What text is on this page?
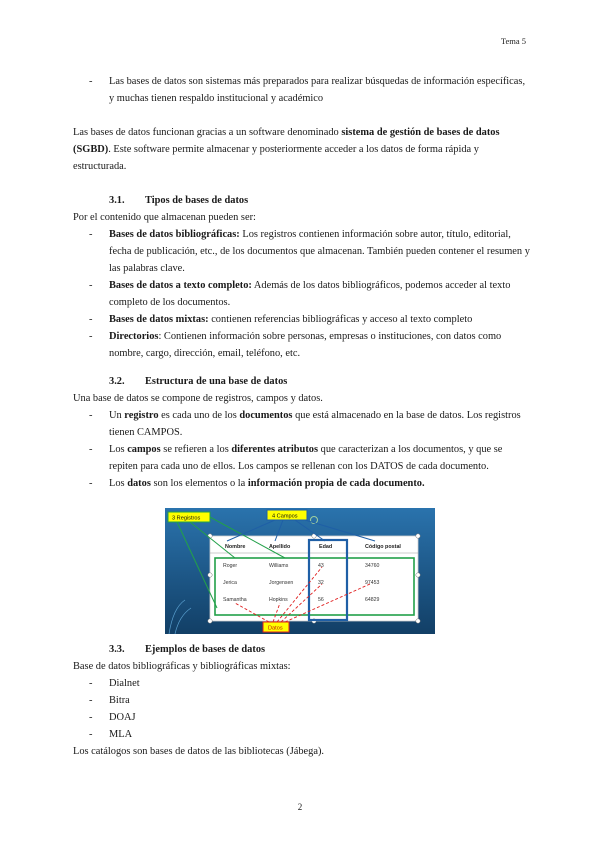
Tema 5
- Las bases de datos son sistemas más preparados para realizar búsquedas de información específicas, y muchas tienen respaldo institucional y académico

Las bases de datos funcionan gracias a un software denominado sistema de gestión de bases de datos (SGBD). Este software permite almacenar y posteriormente acceder a los datos de forma rápida y estructurada.

3.1. Tipos de bases de datos

Por el contenido que almacenan pueden ser:

- Bases de datos bibliográficas: Los registros contienen información sobre autor, título, editorial, fecha de publicación, etc., de los documentos que almacenan. También pueden contener el resumen y las palabras clave.
- Bases de datos a texto completo: Además de los datos bibliográficos, podemos acceder al texto completo de los documentos.
- Bases de datos mixtas: contienen referencias bibliográficas y acceso al texto completo
- Directorios: Contienen información sobre personas, empresas o instituciones, con datos como nombre, cargo, dirección, email, teléfono, etc.
3.2. Estructura de una base de datos

Una base de datos se compone de registros, campos y datos.

- Un registro es cada uno de los documentos que está almacenado en la base de datos. Los registros tienen CAMPOS.
- Los campos se refieren a los diferentes atributos que caracterizan a los documentos, y que se repiten para cada uno de ellos. Los campos se rellenan con los DATOS de cada documento.
- Los datos son los elementos o la información propia de cada documento.
Nombre	Apellido	Edad	Código postal
Roger	Williams	43	34760
Jerica	Jorgensen	32	97453
Samantha	Hopkins	56	64829
3 Registros	4 Campos
Datos
3.3. Ejemplos de bases de datos

Base de datos bibliográficas y bibliográficas mixtas:

- Dialnet
- Bitra
- DOAJ
- MLA

Los catálogos son bases de datos de las bibliotecas (Jábega).

2
